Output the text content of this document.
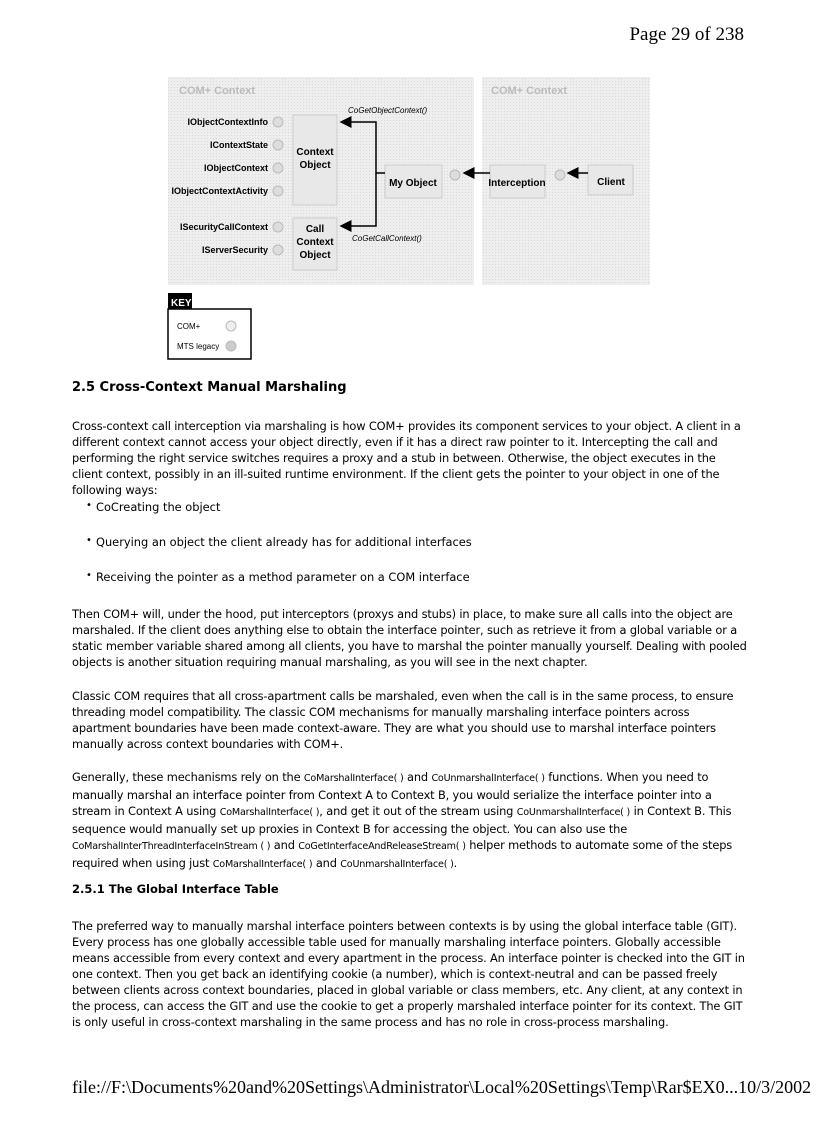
Page 29 of 238
COM+ Context	COM+ Context
IObjectContextInfo
IContextState
IObjectContext
IObjectContextActivity
ISecurityCallContext
IServerSecurity
Context
Object
Call
Context
Object
My Object	Interception	Client
CoGetObjectContext()
CoGetCallContext()
KEY
COM+
MTS legacy
2.5 Cross-Context Manual Marshaling
Cross-context call interception via marshaling is how COM+ provides its component services to your object. A client in a different context cannot access your object directly, even if it has a direct raw pointer to it. Intercepting the call and performing the right service switches requires a proxy and a stub in between. Otherwise, the object executes in the client context, possibly in an ill-suited runtime environment. If the client gets the pointer to your object in one of the following ways:
• CoCreating the object
• Querying an object the client already has for additional interfaces
• Receiving the pointer as a method parameter on a COM interface
Then COM+ will, under the hood, put interceptors (proxys and stubs) in place, to make sure all calls into the object are marshaled. If the client does anything else to obtain the interface pointer, such as retrieve it from a global variable or a static member variable shared among all clients, you have to marshal the pointer manually yourself. Dealing with pooled objects is another situation requiring manual marshaling, as you will see in the next chapter.
Classic COM requires that all cross-apartment calls be marshaled, even when the call is in the same process, to ensure threading model compatibility. The classic COM mechanisms for manually marshaling interface pointers across apartment boundaries have been made context-aware. They are what you should use to marshal interface pointers manually across context boundaries with COM+.
Generally, these mechanisms rely on the CoMarshalInterface( ) and CoUnmarshalInterface( ) functions. When you need to manually marshal an interface pointer from Context A to Context B, you would serialize the interface pointer into a stream in Context A using CoMarshalInterface( ), and get it out of the stream using CoUnmarshalInterface( ) in Context B. This sequence would manually set up proxies in Context B for accessing the object. You can also use the CoMarshalInterThreadInterfaceInStream ( ) and CoGetInterfaceAndReleaseStream( ) helper methods to automate some of the steps required when using just CoMarshalInterface( ) and CoUnmarshalInterface( ).
2.5.1 The Global Interface Table
The preferred way to manually marshal interface pointers between contexts is by using the global interface table (GIT). Every process has one globally accessible table used for manually marshaling interface pointers. Globally accessible means accessible from every context and every apartment in the process. An interface pointer is checked into the GIT in one context. Then you get back an identifying cookie (a number), which is context-neutral and can be passed freely between clients across context boundaries, placed in global variable or class members, etc. Any client, at any context in the process, can access the GIT and use the cookie to get a properly marshaled interface pointer for its context. The GIT is only useful in cross-context marshaling in the same process and has no role in cross-process marshaling.
file://F:\Documents%20and%20Settings\Administrator\Local%20Settings\Temp\Rar$EX0... 10/3/2002
